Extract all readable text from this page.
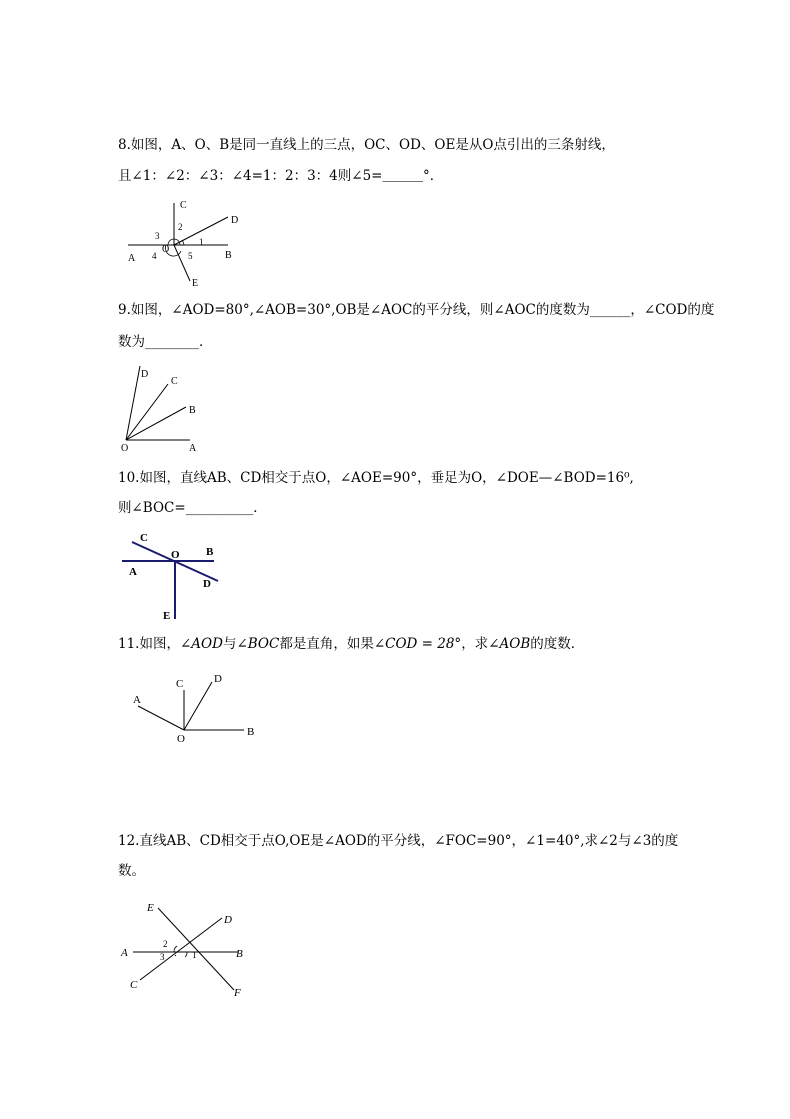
8.如图，A、O、B是同一直线上的三点，OC、OD、OE是从O点引出的三条射线，
且∠1：∠2：∠3：∠4=1：2：3：4则∠5=＿＿＿°．
C
D
A	B
O
E
1
2
3
4	5
9.如图，∠AOD=80°,∠AOB=30°,OB是∠AOC的平分线，则∠AOC的度数为______，∠COD的度
数为________．
D
C
B
O	A
10.如图，直线AB、CD相交于点O，∠AOE=90°，垂足为O，∠DOE—∠BOD=16⁰,
则∠BOC=__________．
C
O B
A
D
E
11.如图，∠AOD与∠BOC都是直角，如果∠COD = 28°，求∠AOB的度数．
A
C	D
O
B
12.直线AB、CD相交于点O,OE是∠AOD的平分线，∠FOC=90°，∠1=40°,求∠2与∠3的度
数。
E
D
A	B
C
F
1
2
3
